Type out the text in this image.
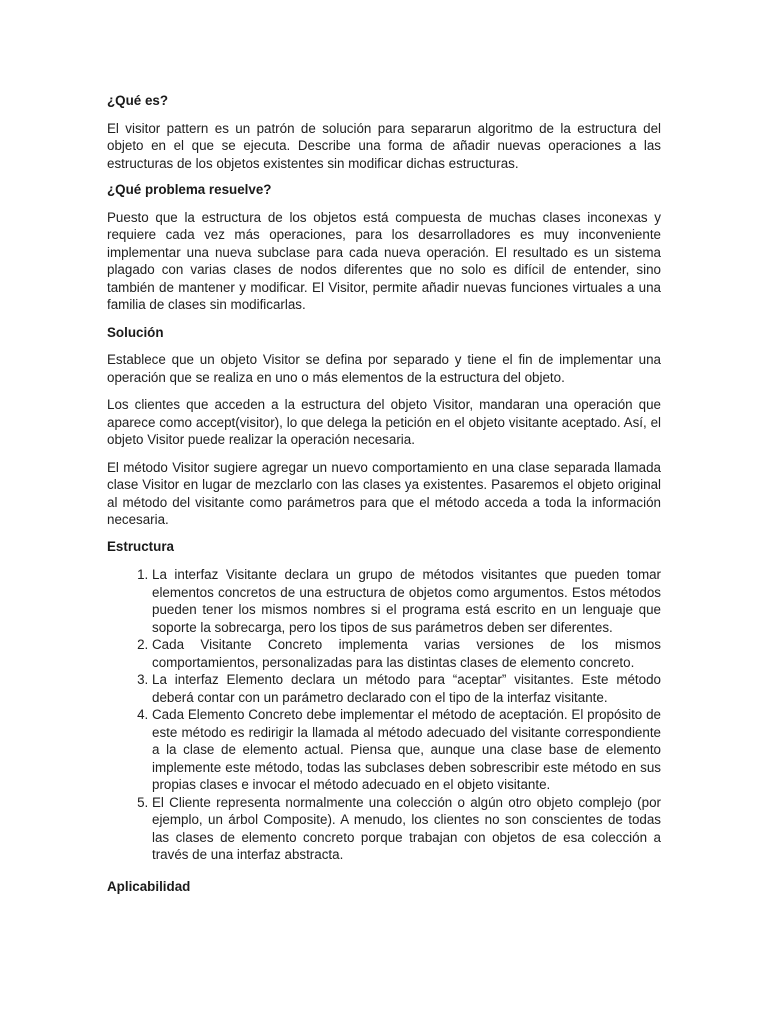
¿Qué es?

El visitor pattern es un patrón de solución para separarun algoritmo de la estructura del objeto en el que se ejecuta. Describe una forma de añadir nuevas operaciones a las estructuras de los objetos existentes sin modificar dichas estructuras.

¿Qué problema resuelve?

Puesto que la estructura de los objetos está compuesta de muchas clases inconexas y requiere cada vez más operaciones, para los desarrolladores es muy inconveniente implementar una nueva subclase para cada nueva operación. El resultado es un sistema plagado con varias clases de nodos diferentes que no solo es difícil de entender, sino también de mantener y modificar. El Visitor, permite añadir nuevas funciones virtuales a una familia de clases sin modificarlas.

Solución

Establece que un objeto Visitor se defina por separado y tiene el fin de implementar una operación que se realiza en uno o más elementos de la estructura del objeto.

Los clientes que acceden a la estructura del objeto Visitor, mandaran una operación que aparece como accept(visitor), lo que delega la petición en el objeto visitante aceptado. Así, el objeto Visitor puede realizar la operación necesaria.

El método Visitor sugiere agregar un nuevo comportamiento en una clase separada llamada clase Visitor en lugar de mezclarlo con las clases ya existentes. Pasaremos el objeto original al método del visitante como parámetros para que el método acceda a toda la información necesaria.

Estructura
1. La interfaz Visitante declara un grupo de métodos visitantes que pueden tomar elementos concretos de una estructura de objetos como argumentos. Estos métodos pueden tener los mismos nombres si el programa está escrito en un lenguaje que soporte la sobrecarga, pero los tipos de sus parámetros deben ser diferentes.
2. Cada Visitante Concreto implementa varias versiones de los mismos comportamientos, personalizadas para las distintas clases de elemento concreto.
3. La interfaz Elemento declara un método para “aceptar” visitantes. Este método deberá contar con un parámetro declarado con el tipo de la interfaz visitante.
4. Cada Elemento Concreto debe implementar el método de aceptación. El propósito de este método es redirigir la llamada al método adecuado del visitante correspondiente a la clase de elemento actual. Piensa que, aunque una clase base de elemento implemente este método, todas las subclases deben sobrescribir este método en sus propias clases e invocar el método adecuado en el objeto visitante.
5. El Cliente representa normalmente una colección o algún otro objeto complejo (por ejemplo, un árbol Composite). A menudo, los clientes no son conscientes de todas las clases de elemento concreto porque trabajan con objetos de esa colección a través de una interfaz abstracta.
Aplicabilidad
